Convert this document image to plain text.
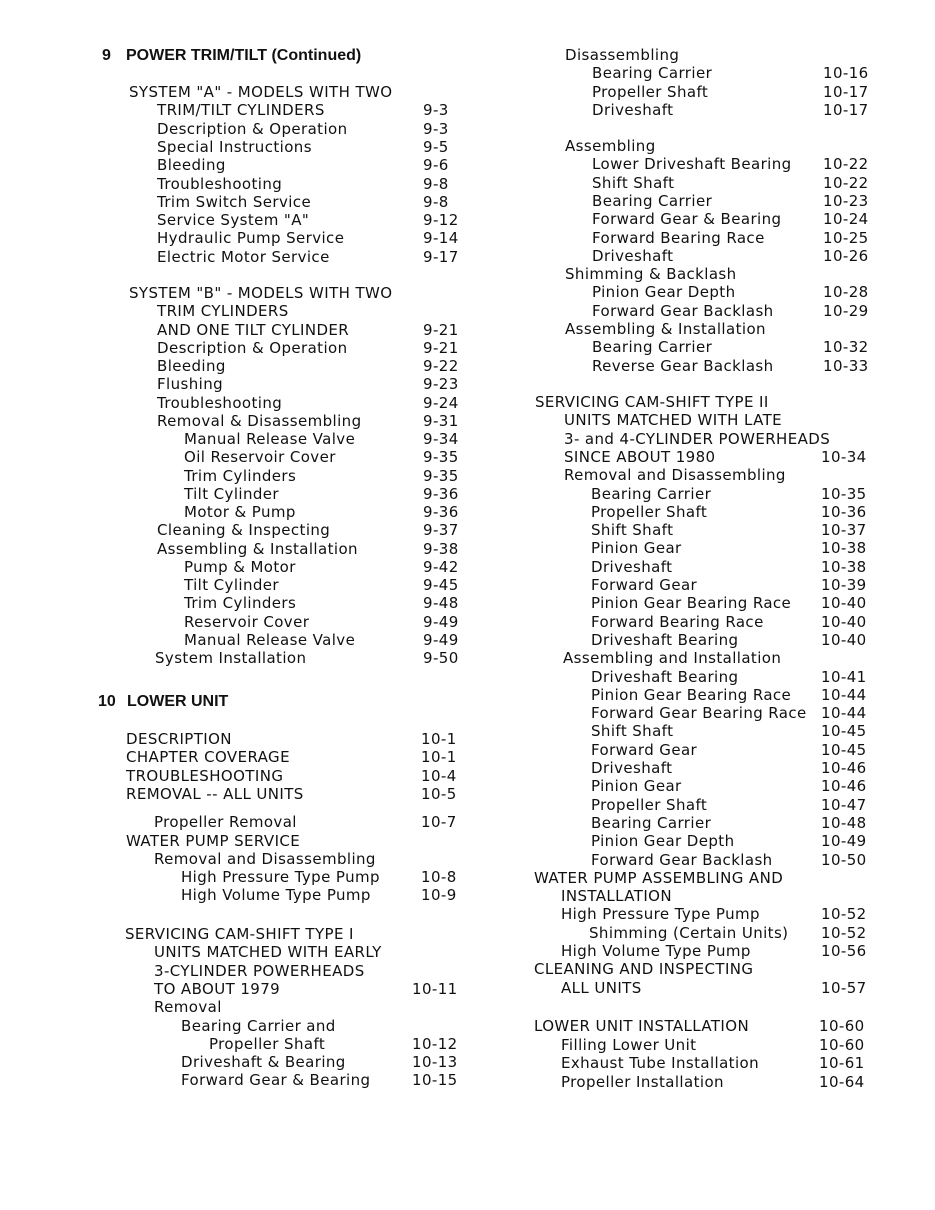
9 POWER TRIM/TILT (Continued)
10 LOWER UNIT
SYSTEM "A" - MODELS WITH TWO
TRIM/TILT CYLINDERS	9-3
Description & Operation	9-3
Special Instructions	9-5
Bleeding	9-6
Troubleshooting	9-8
Trim Switch Service	9-8
Service System "A"	9-12
Hydraulic Pump Service	9-14
Electric Motor Service	9-17
SYSTEM "B" - MODELS WITH TWO
TRIM CYLINDERS
AND ONE TILT CYLINDER	9-21
Description & Operation	9-21
Bleeding	9-22
Flushing	9-23
Troubleshooting	9-24
Removal & Disassembling	9-31
Manual Release Valve	9-34
Oil Reservoir Cover	9-35
Trim Cylinders	9-35
Tilt Cylinder	9-36
Motor & Pump	9-36
Cleaning & Inspecting	9-37
Assembling & Installation	9-38
Pump & Motor	9-42
Tilt Cylinder	9-45
Trim Cylinders	9-48
Reservoir Cover	9-49
Manual Release Valve	9-49
System Installation	9-50
DESCRIPTION	10-1
CHAPTER COVERAGE	10-1
TROUBLESHOOTING	10-4
REMOVAL -- ALL UNITS	10-5
Propeller Removal	10-7
WATER PUMP SERVICE
Removal and Disassembling
High Pressure Type Pump	10-8
High Volume Type Pump	10-9
SERVICING CAM-SHIFT TYPE I
UNITS MATCHED WITH EARLY
3-CYLINDER POWERHEADS
TO ABOUT 1979	10-11
Removal
Bearing Carrier and
Propeller Shaft	10-12
Driveshaft & Bearing	10-13
Forward Gear & Bearing	10-15
Disassembling
Bearing Carrier	10-16
Propeller Shaft	10-17
Driveshaft	10-17
Assembling
Lower Driveshaft Bearing 10-22
Shift Shaft	10-22
Bearing Carrier	10-23
Forward Gear & Bearing	10-24
Forward Bearing Race	10-25
Driveshaft	10-26
Shimming & Backlash
Pinion Gear Depth	10-28
Forward Gear Backlash	10-29
Assembling & Installation
Bearing Carrier	10-32
Reverse Gear Backlash	10-33
SERVICING CAM-SHIFT TYPE II
UNITS MATCHED WITH LATE
3- and 4-CYLINDER POWERHEADS
SINCE ABOUT 1980	10-34
Removal and Disassembling
Bearing Carrier	10-35
Propeller Shaft	10-36
Shift Shaft	10-37
Pinion Gear	10-38
Driveshaft	10-38
Forward Gear	10-39
Pinion Gear Bearing Race 10-40
Forward Bearing Race	10-40
Driveshaft Bearing	10-40
Assembling and Installation
Driveshaft Bearing	10-41
Pinion Gear Bearing Race 10-44
Forward Gear Bearing Race 10-44
Shift Shaft	10-45
Forward Gear	10-45
Driveshaft	10-46
Pinion Gear	10-46
Propeller Shaft	10-47
Bearing Carrier	10-48
Pinion Gear Depth	10-49
Forward Gear Backlash	10-50
WATER PUMP ASSEMBLING AND
INSTALLATION
High Pressure Type Pump	10-52
Shimming (Certain Units) 10-52
High Volume Type Pump	10-56
CLEANING AND INSPECTING
ALL UNITS	10-57
LOWER UNIT INSTALLATION	10-60
Filling Lower Unit	10-60
Exhaust Tube Installation	10-61
Propeller Installation	10-64
